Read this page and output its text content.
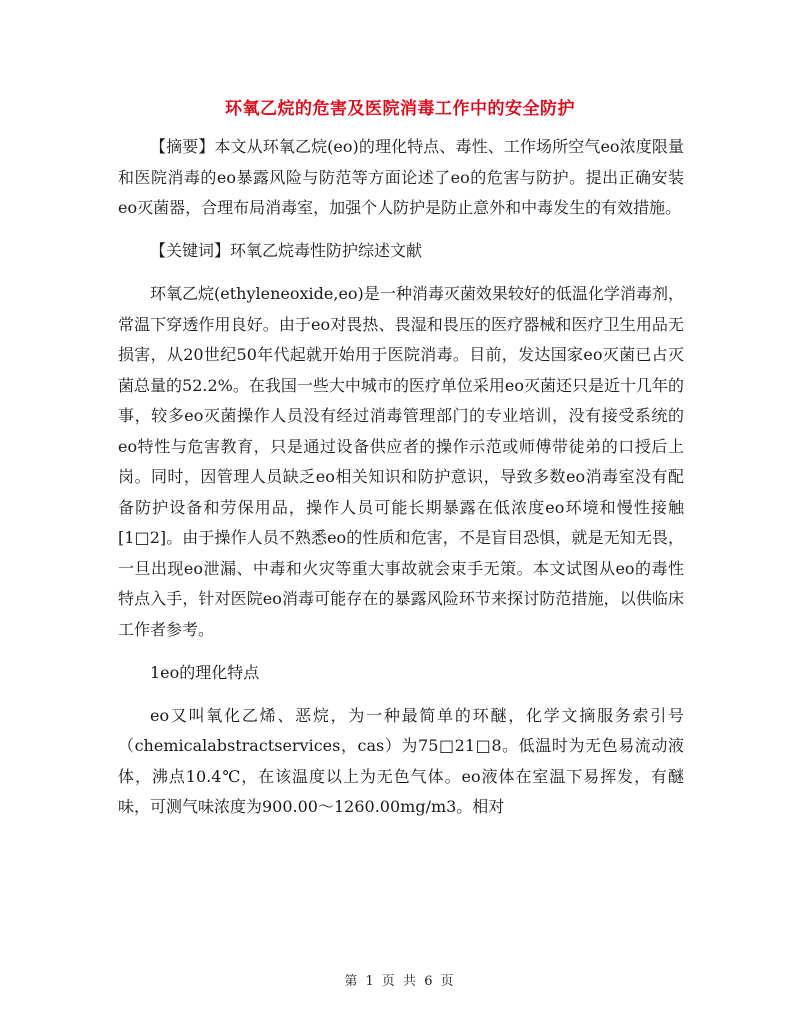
环氧乙烷的危害及医院消毒工作中的安全防护

【摘要】本文从环氧乙烷(eo)的理化特点、毒性、工作场所空气eo浓度限量和医院消毒的eo暴露风险与防范等方面论述了eo的危害与防护。提出正确安装eo灭菌器，合理布局消毒室，加强个人防护是防止意外和中毒发生的有效措施。

【关键词】环氧乙烷毒性防护综述文献

环氧乙烷(ethyleneoxide,eo)是一种消毒灭菌效果较好的低温化学消毒剂，常温下穿透作用良好。由于eo对畏热、畏湿和畏压的医疗器械和医疗卫生用品无损害，从20世纪50年代起就开始用于医院消毒。目前，发达国家eo灭菌已占灭菌总量的52.2%。在我国一些大中城市的医疗单位采用eo灭菌还只是近十几年的事，较多eo灭菌操作人员没有经过消毒管理部门的专业培训，没有接受系统的eo特性与危害教育，只是通过设备供应者的操作示范或师傅带徒弟的口授后上岗。同时，因管理人员缺乏eo相关知识和防护意识，导致多数eo消毒室没有配备防护设备和劳保用品，操作人员可能长期暴露在低浓度eo环境和慢性接触[1□2]。由于操作人员不熟悉eo的性质和危害，不是盲目恐惧，就是无知无畏，一旦出现eo泄漏、中毒和火灾等重大事故就会束手无策。本文试图从eo的毒性特点入手，针对医院eo消毒可能存在的暴露风险环节来探讨防范措施，以供临床工作者参考。

1eo的理化特点

eo又叫氧化乙烯、恶烷，为一种最简单的环醚，化学文摘服务索引号（chemicalabstractservices，cas）为75□21□8。低温时为无色易流动液体，沸点10.4℃，在该温度以上为无色气体。eo液体在室温下易挥发，有醚味，可测气味浓度为900.00～1260.00mg/m3。相对

第 1 页 共 6 页
